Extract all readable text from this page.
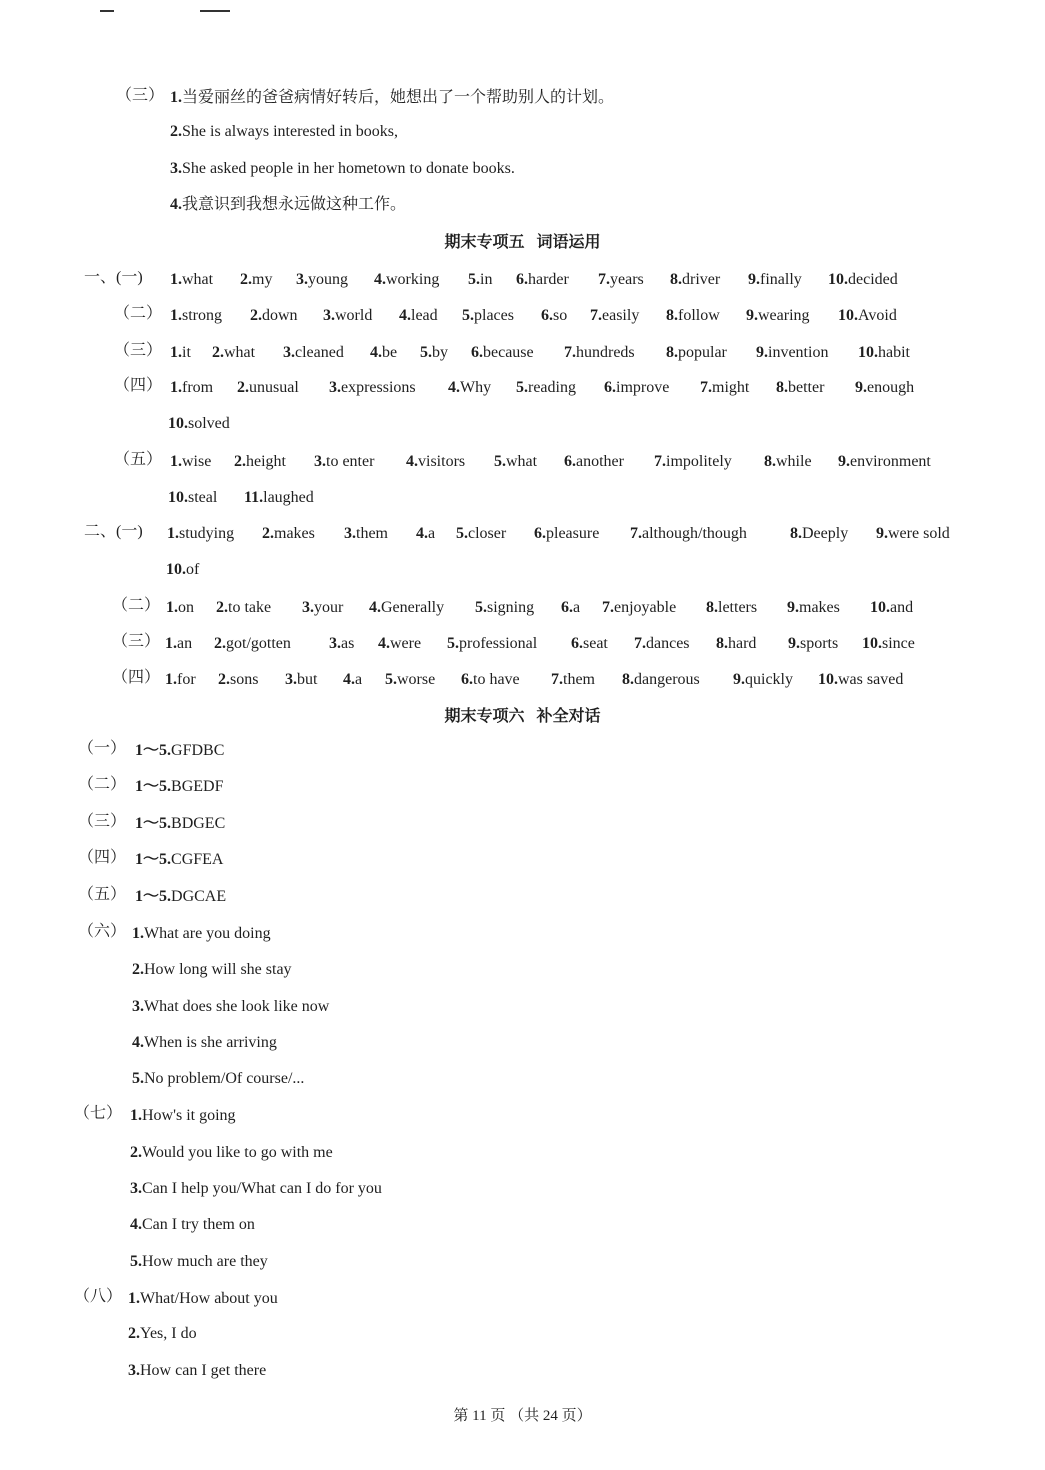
（三） 1.当爱丽丝的爸爸病情好转后，她想出了一个帮助别人的计划。
2.She is always interested in books,
3.She asked people in her hometown to donate books.
4.我意识到我想永远做这种工作。
期末专项五 词语运用
一、(一) 1.what 2.my 3.young 4.working 5.in 6.harder 7.years 8.driver 9.finally 10.decided
（二） 1.strong 2.down 3.world 4.lead 5.places 6.so 7.easily 8.follow 9.wearing 10.Avoid
（三） 1.it 2.what 3.cleaned 4.be 5.by 6.because 7.hundreds 8.popular 9.invention 10.habit
（四） 1.from 2.unusual 3.expressions 4.Why 5.reading 6.improve 7.might 8.better 9.enough
10.solved
（五） 1.wise 2.height 3.to enter 4.visitors 5.what 6.another 7.impolitely 8.while 9.environment
10.steal 11.laughed
二、(一) 1.studying 2.makes 3.them 4.a 5.closer 6.pleasure 7.although/though	8.Deeply 9.were sold
10.of
（二） 1.on 2.to take 3.your 4.Generally 5.signing 6.a 7.enjoyable 8.letters 9.makes 10.and
（三） 1.an 2.got/gotten 3.as 4.were 5.professional 6.seat 7.dances 8.hard 9.sports 10.since
（四） 1.for 2.sons 3.but 4.a 5.worse 6.to have 7.them 8.dangerous 9.quickly 10.was saved
期末专项六 补全对话
（一） 1～5.GFDBC
（二） 1～5.BGEDF
（三） 1～5.BDGEC
（四） 1～5.CGFEA
（五） 1～5.DGCAE
（六） 1.What are you doing
2.How long will she stay
3.What does she look like now
4.When is she arriving
5.No problem/Of course/...
（七） 1.How's it going
2.Would you like to go with me
3.Can I help you/What can I do for you
4.Can I try them on
5.How much are they
（八） 1.What/How about you
2.Yes, I do
3.How can I get there
第 11 页 （共 24 页）
